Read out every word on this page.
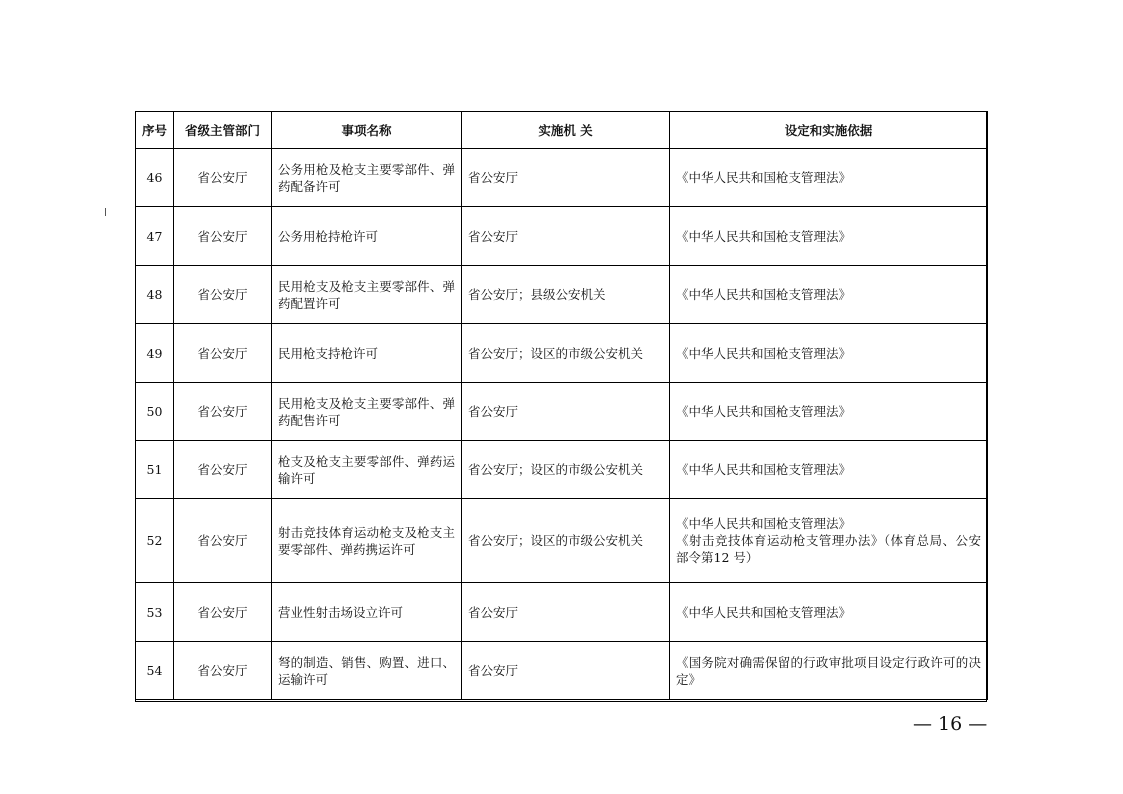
序号	省级主管部门	事项名称	实施机 关	设定和实施依据
46	省公安厅	公务用枪及枪支主要零部件、弹药配备许可	省公安厅	《中华人民共和国枪支管理法》

47	省公安厅	公务用枪持枪许可	省公安厅	《中华人民共和国枪支管理法》

48	省公安厅	民用枪支及枪支主要零部件、弹药配置许可	省公安厅；县级公安机关	《中华人民共和国枪支管理法》

49	省公安厅	民用枪支持枪许可	省公安厅；设区的市级公安机关	《中华人民共和国枪支管理法》

50	省公安厅	民用枪支及枪支主要零部件、弹药配售许可	省公安厅	《中华人民共和国枪支管理法》

51	省公安厅	枪支及枪支主要零部件、弹药运输许可	省公安厅；设区的市级公安机关	《中华人民共和国枪支管理法》

52	省公安厅	射击竞技体育运动枪支及枪支主要零部件、弹药携运许可	省公安厅；设区的市级公安机关	《中华人民共和国枪支管理法》
《射击竞技体育运动枪支管理办法》（体育总局、公安部令第12 号）

53	省公安厅	营业性射击场设立许可	省公安厅	《中华人民共和国枪支管理法》

54	省公安厅	弩的制造、销售、购置、进口、运输许可	省公安厅	《国务院对确需保留的行政审批项目设定行政许可的决定》
— 16 —
